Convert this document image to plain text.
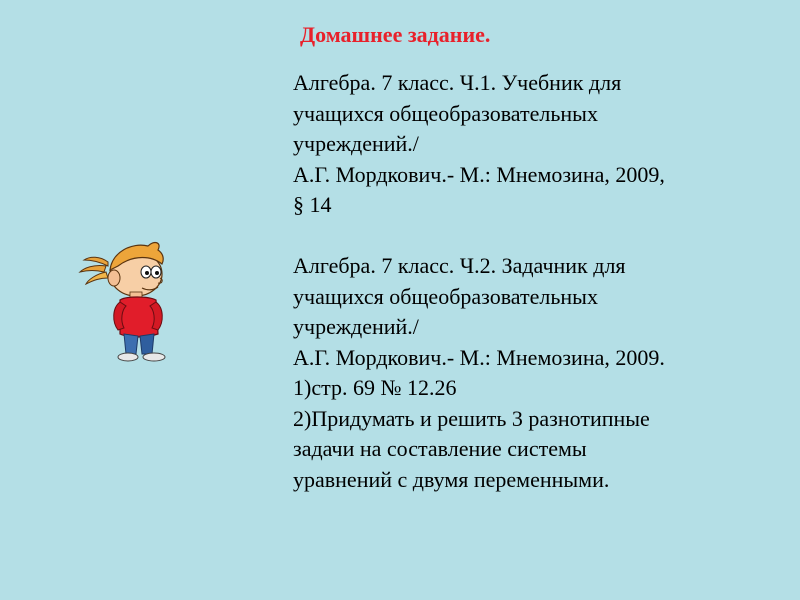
Домашнее задание.
Алгебра. 7 класс. Ч.1. Учебник для
учащихся общеобразовательных
учреждений./
А.Г. Мордкович.- М.: Мнемозина, 2009,
§ 14
Алгебра. 7 класс. Ч.2. Задачник для
учащихся общеобразовательных
учреждений./
А.Г. Мордкович.- М.: Мнемозина, 2009.
1)стр. 69 № 12.26
2)Придумать и решить 3 разнотипные
задачи на составление системы
уравнений с двумя переменными.
